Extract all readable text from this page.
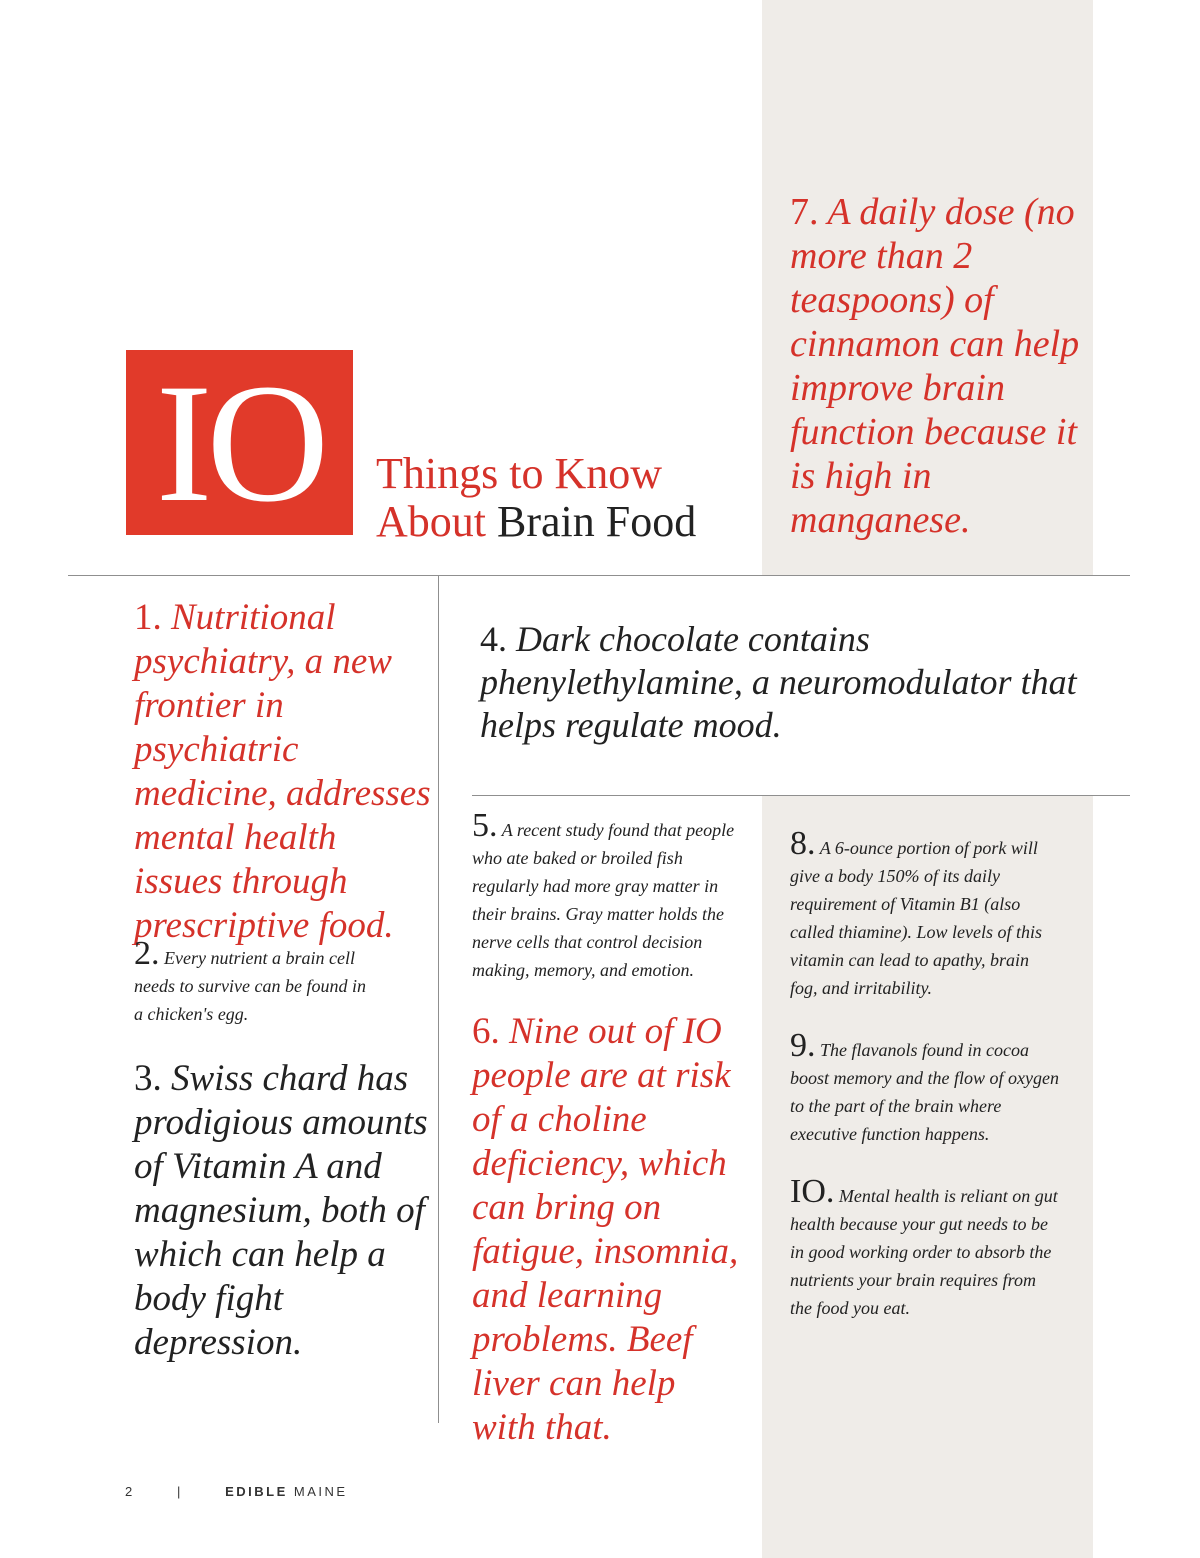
IO Things to Know
About Brain Food
7. A daily dose (no more than 2 teaspoons) of cinnamon can help improve brain function because it is high in manganese.
1. Nutritional psychiatry, a new frontier in psychiatric medicine, addresses mental health issues through prescriptive food.
2. Every nutrient a brain cell needs to survive can be found in a chicken's egg.
3. Swiss chard has prodigious amounts of Vitamin A and magnesium, both of which can help a body fight depression.
4. Dark chocolate contains phenylethylamine, a neuromodulator that helps regulate mood.
5. A recent study found that people who ate baked or broiled fish regularly had more gray matter in their brains. Gray matter holds the nerve cells that control decision making, memory, and emotion.
6. Nine out of IO people are at risk of a choline deficiency, which can bring on fatigue, insomnia, and learning problems. Beef liver can help with that.
8. A 6-ounce portion of pork will give a body 150% of its daily requirement of Vitamin B1 (also called thiamine). Low levels of this vitamin can lead to apathy, brain fog, and irritability.
9. The flavanols found in cocoa boost memory and the flow of oxygen to the part of the brain where executive function happens.
IO. Mental health is reliant on gut health because your gut needs to be in good working order to absorb the nutrients your brain requires from the food you eat.
2	|	EDIBLE MAINE
